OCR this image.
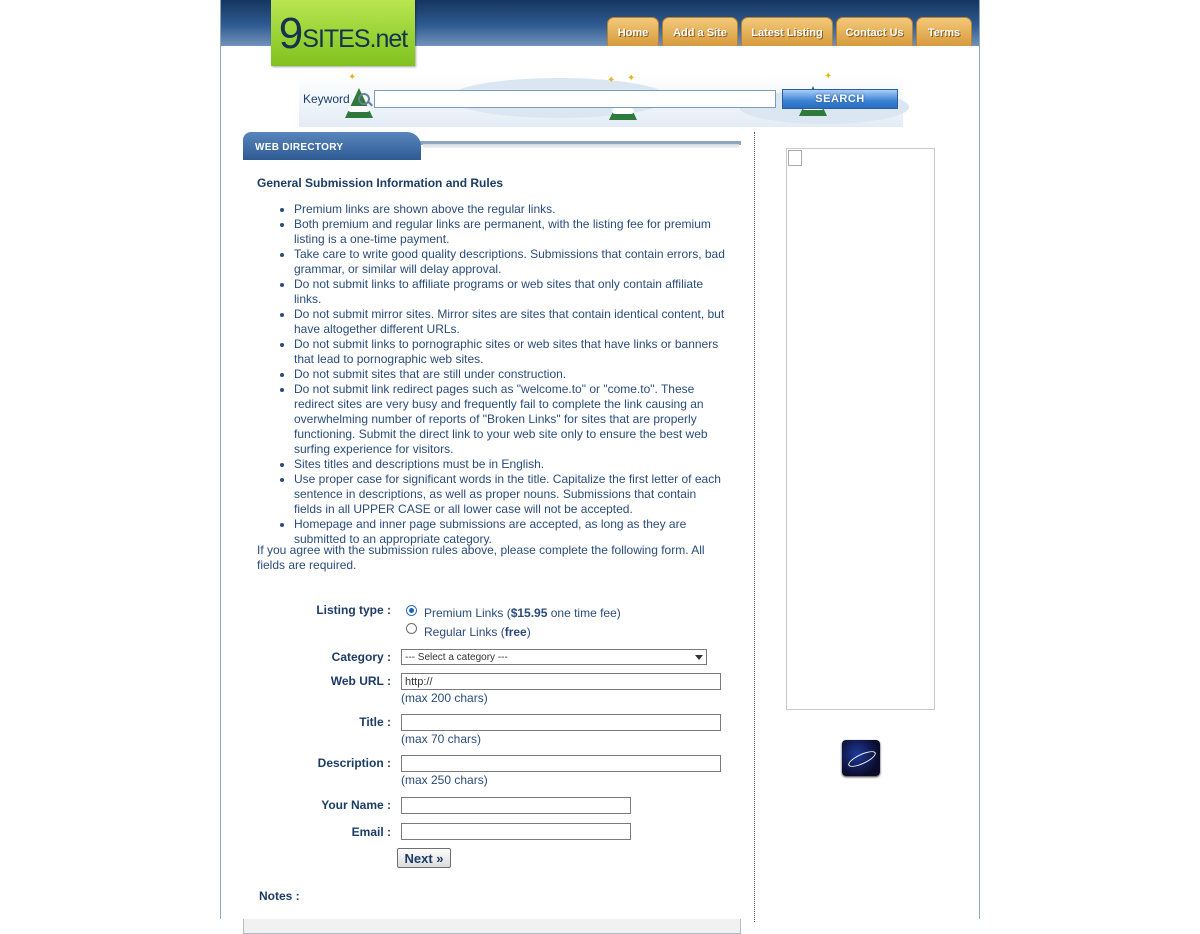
9 SITES.net	Home	Add a Site	Latest Listing	Contact Us	Terms
✦	✦ ✦	✦
Keyword	SEARCH
WEB DIRECTORY
General Submission Information and Rules
• Premium links are shown above the regular links.
• Both premium and regular links are permanent, with the listing fee for premium listing is a one-time payment.
• Take care to write good quality descriptions. Submissions that contain errors, bad grammar, or similar will delay approval.
• Do not submit links to affiliate programs or web sites that only contain affiliate links.
• Do not submit mirror sites. Mirror sites are sites that contain identical content, but have altogether different URLs.
• Do not submit links to pornographic sites or web sites that have links or banners that lead to pornographic web sites.
• Do not submit sites that are still under construction.
• Do not submit link redirect pages such as "welcome.to" or "come.to". These redirect sites are very busy and frequently fail to complete the link causing an overwhelming number of reports of "Broken Links" for sites that are properly functioning. Submit the direct link to your web site only to ensure the best web surfing experience for visitors.
• Sites titles and descriptions must be in English.
• Use proper case for significant words in the title. Capitalize the first letter of each sentence in descriptions, as well as proper nouns. Submissions that contain fields in all UPPER CASE or all lower case will not be accepted.
• Homepage and inner page submissions are accepted, as long as they are submitted to an appropriate category.
If you agree with the submission rules above, please complete the following form. All fields are required.
Listing type :	Premium Links ($15.95 one time fee)
Regular Links (free)
Category : --- Select a category ---
Web URL :
http://
(max 200 chars)
Title :
(max 70 chars)
Description :
(max 250 chars)
Your Name :
Email :
Next »
Notes :
